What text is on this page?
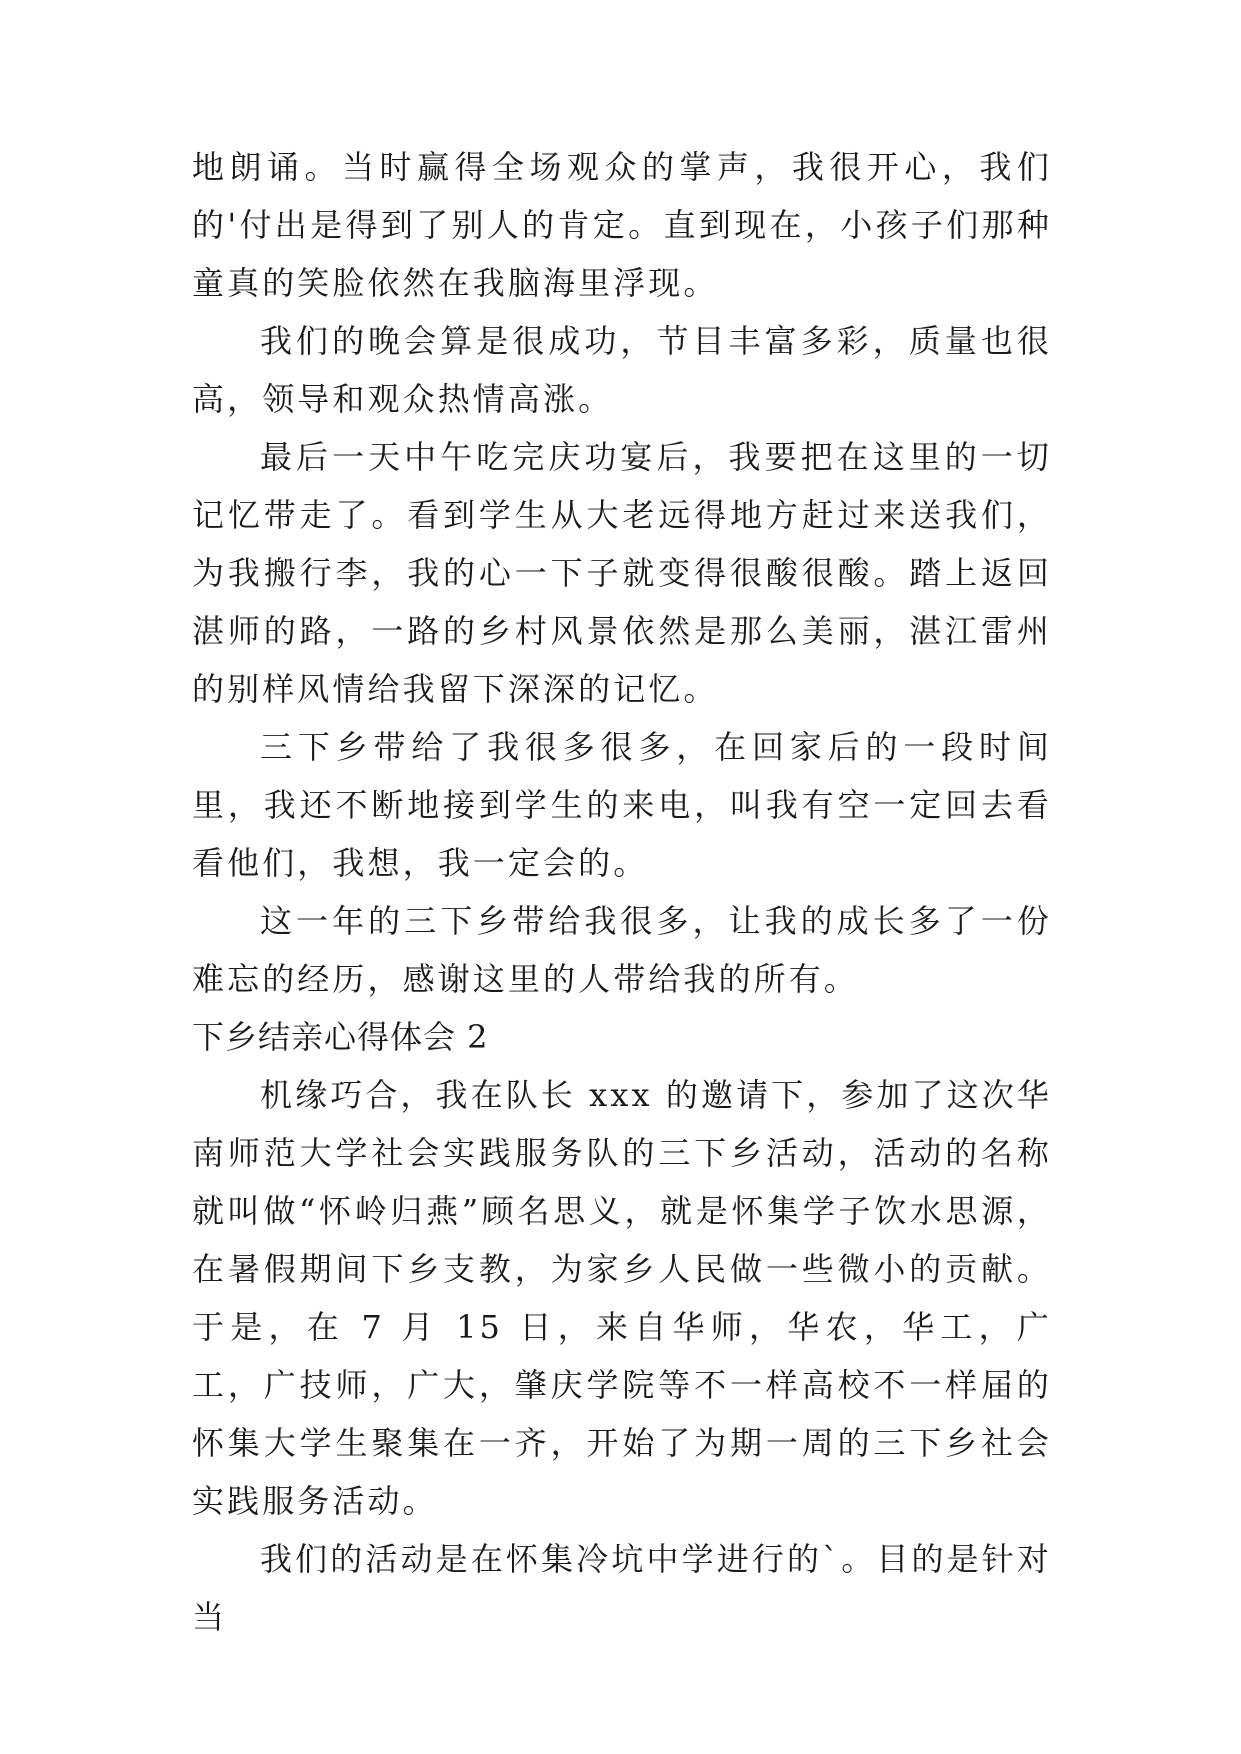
地朗诵。当时赢得全场观众的掌声，我很开心，我们的'付出是得到了别人的肯定。直到现在，小孩子们那种童真的笑脸依然在我脑海里浮现。

我们的晚会算是很成功，节目丰富多彩，质量也很高，领导和观众热情高涨。

最后一天中午吃完庆功宴后，我要把在这里的一切记忆带走了。看到学生从大老远得地方赶过来送我们，为我搬行李，我的心一下子就变得很酸很酸。踏上返回湛师的路，一路的乡村风景依然是那么美丽，湛江雷州的别样风情给我留下深深的记忆。

三下乡带给了我很多很多，在回家后的一段时间里，我还不断地接到学生的来电，叫我有空一定回去看看他们，我想，我一定会的。

这一年的三下乡带给我很多，让我的成长多了一份难忘的经历，感谢这里的人带给我的所有。

下乡结亲心得体会 2

机缘巧合，我在队长 xxx 的邀请下，参加了这次华南师范大学社会实践服务队的三下乡活动，活动的名称就叫做“怀岭归燕”顾名思义，就是怀集学子饮水思源，在暑假期间下乡支教，为家乡人民做一些微小的贡献。于是，在 7 月 15 日，来自华师，华农，华工，广工，广技师，广大，肇庆学院等不一样高校不一样届的怀集大学生聚集在一齐，开始了为期一周的三下乡社会实践服务活动。

我们的活动是在怀集冷坑中学进行的`。目的是针对当
